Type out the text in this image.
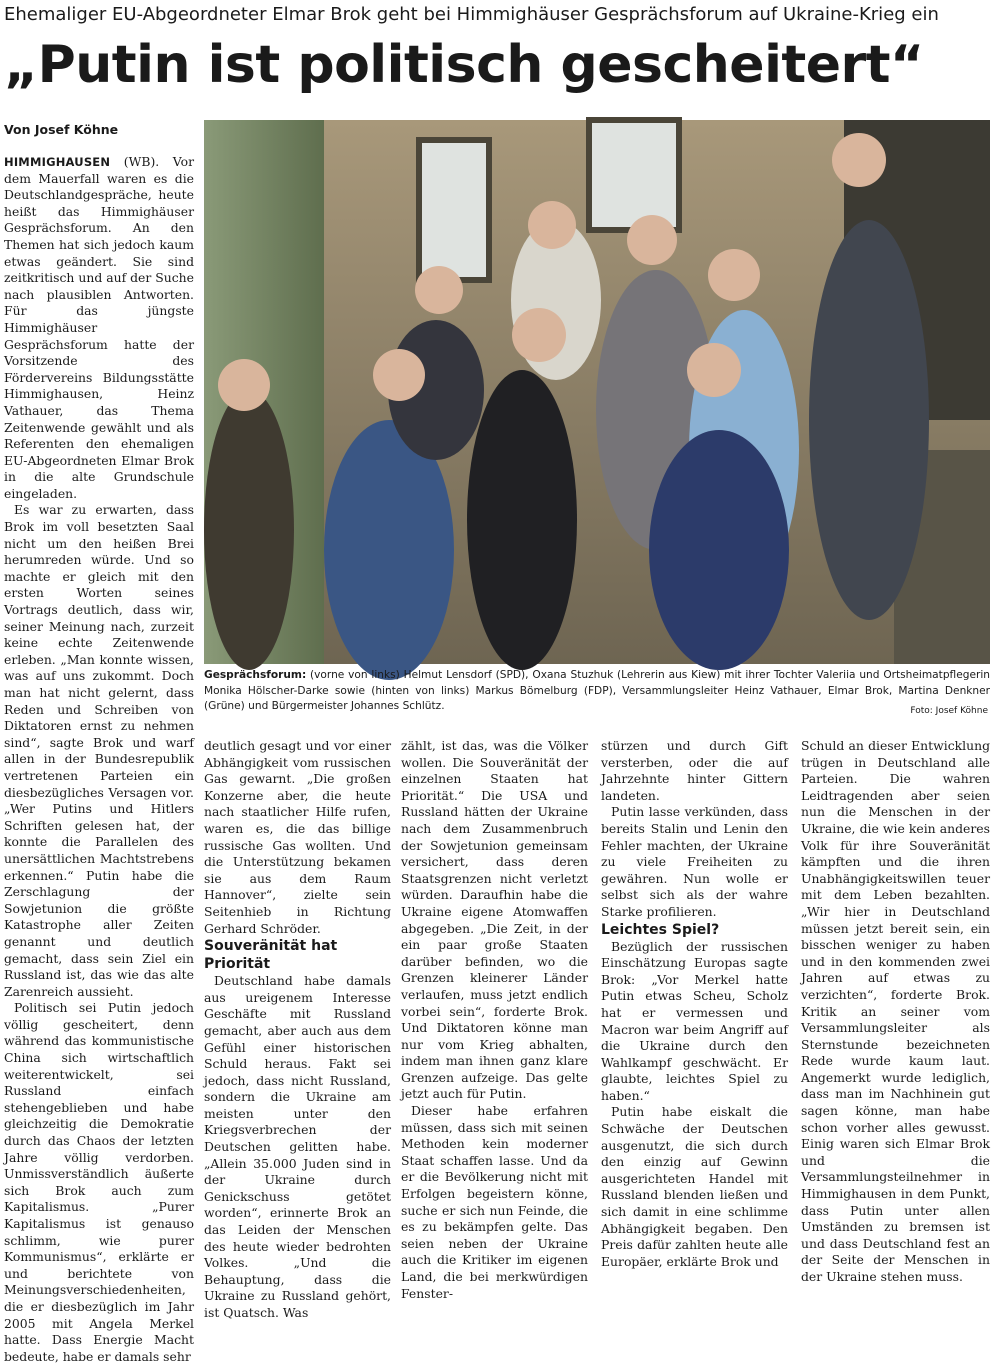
Ehemaliger EU-Abgeordneter Elmar Brok geht bei Himmighäuser Gesprächsforum auf Ukraine-Krieg ein
„Putin ist politisch gescheitert“
Von Josef Köhne

HIMMIGHAUSEN (WB). Vor dem Mauerfall waren es die Deutschlandgespräche, heute heißt das Himmighäuser Gesprächsforum. An den Themen hat sich jedoch kaum etwas geändert. Sie sind zeitkritisch und auf der Suche nach plausiblen Antworten. Für das jüngste Himmighäuser Gesprächsforum hatte der Vorsitzende des Fördervereins Bildungsstätte Himmighausen, Heinz Vathauer, das Thema Zeitenwende gewählt und als Referenten den ehemaligen EU-Abgeordneten Elmar Brok in die alte Grundschule eingeladen.

Es war zu erwarten, dass Brok im voll besetzten Saal nicht um den heißen Brei herumreden würde. Und so machte er gleich mit den ersten Worten seines Vortrags deutlich, dass wir, seiner Meinung nach, zurzeit keine echte Zeitenwende erleben. „Man konnte wissen, was auf uns zukommt. Doch man hat nicht gelernt, dass Reden und Schreiben von Diktatoren ernst zu nehmen sind“, sagte Brok und warf allen in der Bundesrepublik vertretenen Parteien ein diesbezügliches Versagen vor. „Wer Putins und Hitlers Schriften gelesen hat, der konnte die Parallelen des unersättlichen Machtstrebens erkennen.“ Putin habe die Zerschlagung der Sowjetunion die größte Katastrophe aller Zeiten genannt und deutlich gemacht, dass sein Ziel ein Russland ist, das wie das alte Zarenreich aussieht.

Politisch sei Putin jedoch völlig gescheitert, denn während das kommunistische China sich wirtschaftlich weiterentwickelt, sei Russland einfach stehengeblieben und habe gleichzeitig die Demokratie durch das Chaos der letzten Jahre völlig verdorben. Unmissverständlich äußerte sich Brok auch zum Kapitalismus. „Purer Kapitalismus ist genauso schlimm, wie purer Kommunismus“, erklärte er und berichtete von Meinungsverschiedenheiten, die er diesbezüglich im Jahr 2005 mit Angela Merkel hatte. Dass Energie Macht bedeute, habe er damals sehr

Gesprächsforum: (vorne von links) Helmut Lensdorf (SPD), Oxana Stuzhuk (Lehrerin aus Kiew) mit ihrer Tochter Valeriia und Ortsheimatpflegerin Monika Hölscher-Darke sowie (hinten von links) Markus Bömelburg (FDP), Versammlungsleiter Heinz Vathauer, Elmar Brok, Martina Denkner (Grüne) und Bürgermeister Johannes Schlütz.	Foto: Josef Köhne

deutlich gesagt und vor einer Abhängigkeit vom russischen Gas gewarnt. „Die großen Konzerne aber, die heute nach staatlicher Hilfe rufen, waren es, die das billige russische Gas wollten. Und die Unterstützung bekamen sie aus dem Raum Hannover“, zielte sein Seitenhieb in Richtung Gerhard Schröder.

Souveränität hat Priorität

Deutschland habe damals aus ureigenem Interesse Geschäfte mit Russland gemacht, aber auch aus dem Gefühl einer historischen Schuld heraus. Fakt sei jedoch, dass nicht Russland, sondern die Ukraine am meisten unter den Kriegsverbrechen der Deutschen gelitten habe. „Allein 35.000 Juden sind in der Ukraine durch Genickschuss getötet worden“, erinnerte Brok an das Leiden der Menschen des heute wieder bedrohten Volkes. „Und die Behauptung, dass die Ukraine zu Russland gehört, ist Quatsch. Was

zählt, ist das, was die Völker wollen. Die Souveränität der einzelnen Staaten hat Priorität.“ Die USA und Russland hätten der Ukraine nach dem Zusammenbruch der Sowjetunion gemeinsam versichert, dass deren Staatsgrenzen nicht verletzt würden. Daraufhin habe die Ukraine eigene Atomwaffen abgegeben. „Die Zeit, in der ein paar große Staaten darüber befinden, wo die Grenzen kleinerer Länder verlaufen, muss jetzt endlich vorbei sein“, forderte Brok. Und Diktatoren könne man nur vom Krieg abhalten, indem man ihnen ganz klare Grenzen aufzeige. Das gelte jetzt auch für Putin.

Dieser habe erfahren müssen, dass sich mit seinen Methoden kein moderner Staat schaffen lasse. Und da er die Bevölkerung nicht mit Erfolgen begeistern könne, suche er sich nun Feinde, die es zu bekämpfen gelte. Das seien neben der Ukraine auch die Kritiker im eigenen Land, die bei merkwürdigen Fenster-

stürzen und durch Gift versterben, oder die auf Jahrzehnte hinter Gittern landeten.

Putin lasse verkünden, dass bereits Stalin und Lenin den Fehler machten, der Ukraine zu viele Freiheiten zu gewähren. Nun wolle er selbst sich als der wahre Starke profilieren.

Leichtes Spiel?

Bezüglich der russischen Einschätzung Europas sagte Brok: „Vor Merkel hatte Putin etwas Scheu, Scholz hat er vermessen und Macron war beim Angriff auf die Ukraine durch den Wahlkampf geschwächt. Er glaubte, leichtes Spiel zu haben.“

Putin habe eiskalt die Schwäche der Deutschen ausgenutzt, die sich durch den einzig auf Gewinn ausgerichteten Handel mit Russland blenden ließen und sich damit in eine schlimme Abhängigkeit begaben. Den Preis dafür zahlten heute alle Europäer, erklärte Brok und

Schuld an dieser Entwicklung trügen in Deutschland alle Parteien. Die wahren Leidtragenden aber seien nun die Menschen in der Ukraine, die wie kein anderes Volk für ihre Souveränität kämpften und die ihren Unabhängigkeitswillen teuer mit dem Leben bezahlten. „Wir hier in Deutschland müssen jetzt bereit sein, ein bisschen weniger zu haben und in den kommenden zwei Jahren auf etwas zu verzichten“, forderte Brok. Kritik an seiner vom Versammlungsleiter als Sternstunde bezeichneten Rede wurde kaum laut. Angemerkt wurde lediglich, dass man im Nachhinein gut sagen könne, man habe schon vorher alles gewusst. Einig waren sich Elmar Brok und die Versammlungsteilnehmer in Himmighausen in dem Punkt, dass Putin unter allen Umständen zu bremsen ist und dass Deutschland fest an der Seite der Menschen in der Ukraine stehen muss.
